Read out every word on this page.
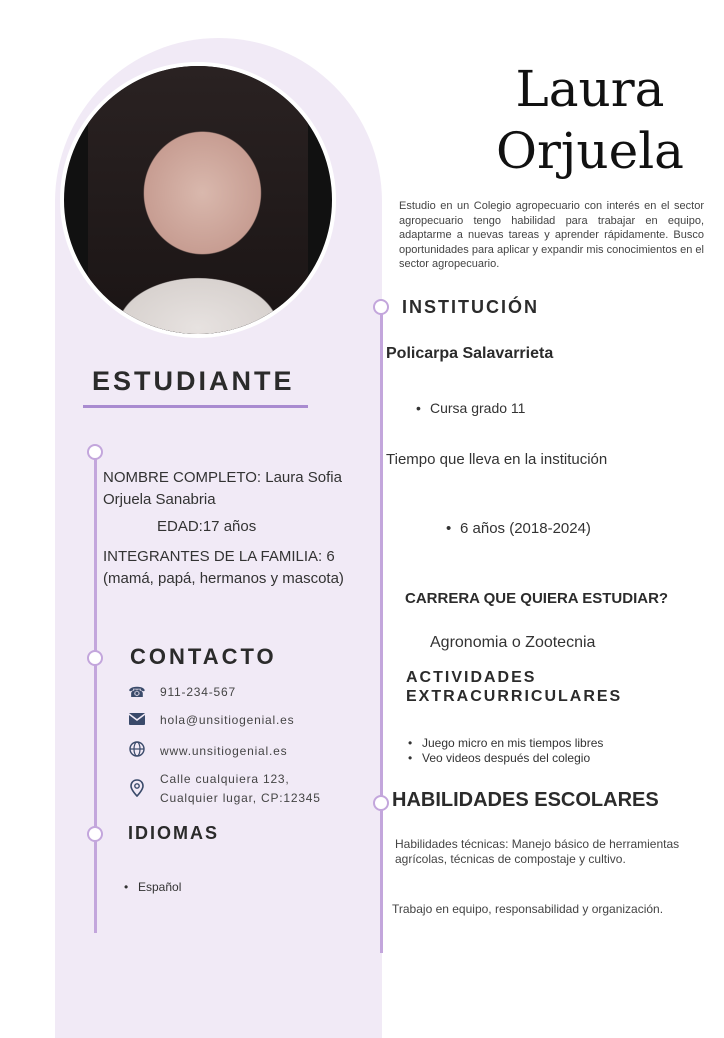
Laura
Orjuela
Estudio en un Colegio agropecuario con interés en el sector agropecuario tengo habilidad para trabajar en equipo, adaptarme a nuevas tareas y aprender rápidamente. Busco oportunidades para aplicar y expandir mis conocimientos en el sector agropecuario.
ESTUDIANTE
NOMBRE COMPLETO: Laura Sofia Orjuela Sanabria
EDAD:17 años
INTEGRANTES DE LA FAMILIA: 6 (mamá, papá, hermanos y mascota)
CONTACTO
☎ 911-234-567
hola@unsitiogenial.es
www.unsitiogenial.es
Calle cualquiera 123,
Cualquier lugar, CP:12345
IDIOMAS
• Español
INSTITUCIÓN
Policarpa Salavarrieta
• Cursa grado 11
Tiempo que lleva en la institución
• 6 años (2018-2024)
CARRERA QUE QUIERA ESTUDIAR?
Agronomia o Zootecnia
ACTIVIDADES
EXTRACURRICULARES
• Juego micro en mis tiempos libres
• Veo videos después del colegio
HABILIDADES ESCOLARES
Habilidades técnicas: Manejo básico de herramientas agrícolas, técnicas de compostaje y cultivo.
Trabajo en equipo, responsabilidad y organización.
